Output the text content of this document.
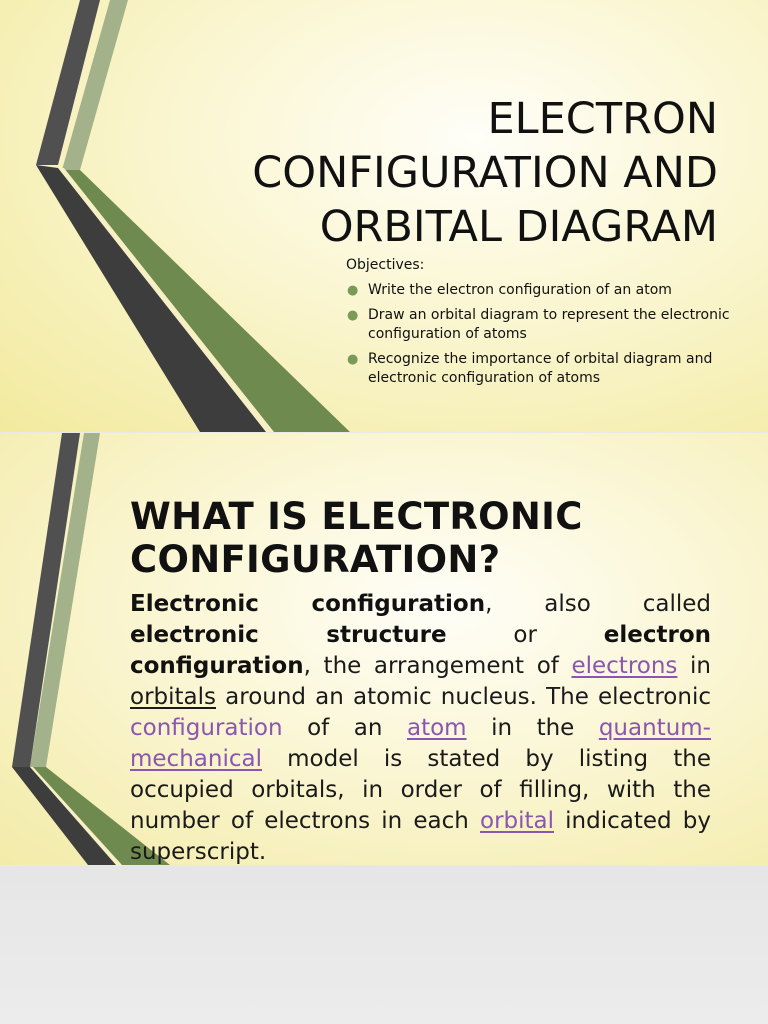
ELECTRON
CONFIGURATION AND
ORBITAL DIAGRAM
Objectives:
● Write the electron configuration of an atom
● Draw an orbital diagram to represent the electronic configuration of atoms
● Recognize the importance of orbital diagram and electronic configuration of atoms
WHAT IS ELECTRONIC CONFIGURATION?
Electronic configuration, also called electronic structure or electron configuration, the arrangement of electrons in orbitals around an atomic nucleus. The electronic configuration of an atom in the quantum-mechanical model is stated by listing the occupied orbitals, in order of filling, with the number of electrons in each orbital indicated by superscript.
